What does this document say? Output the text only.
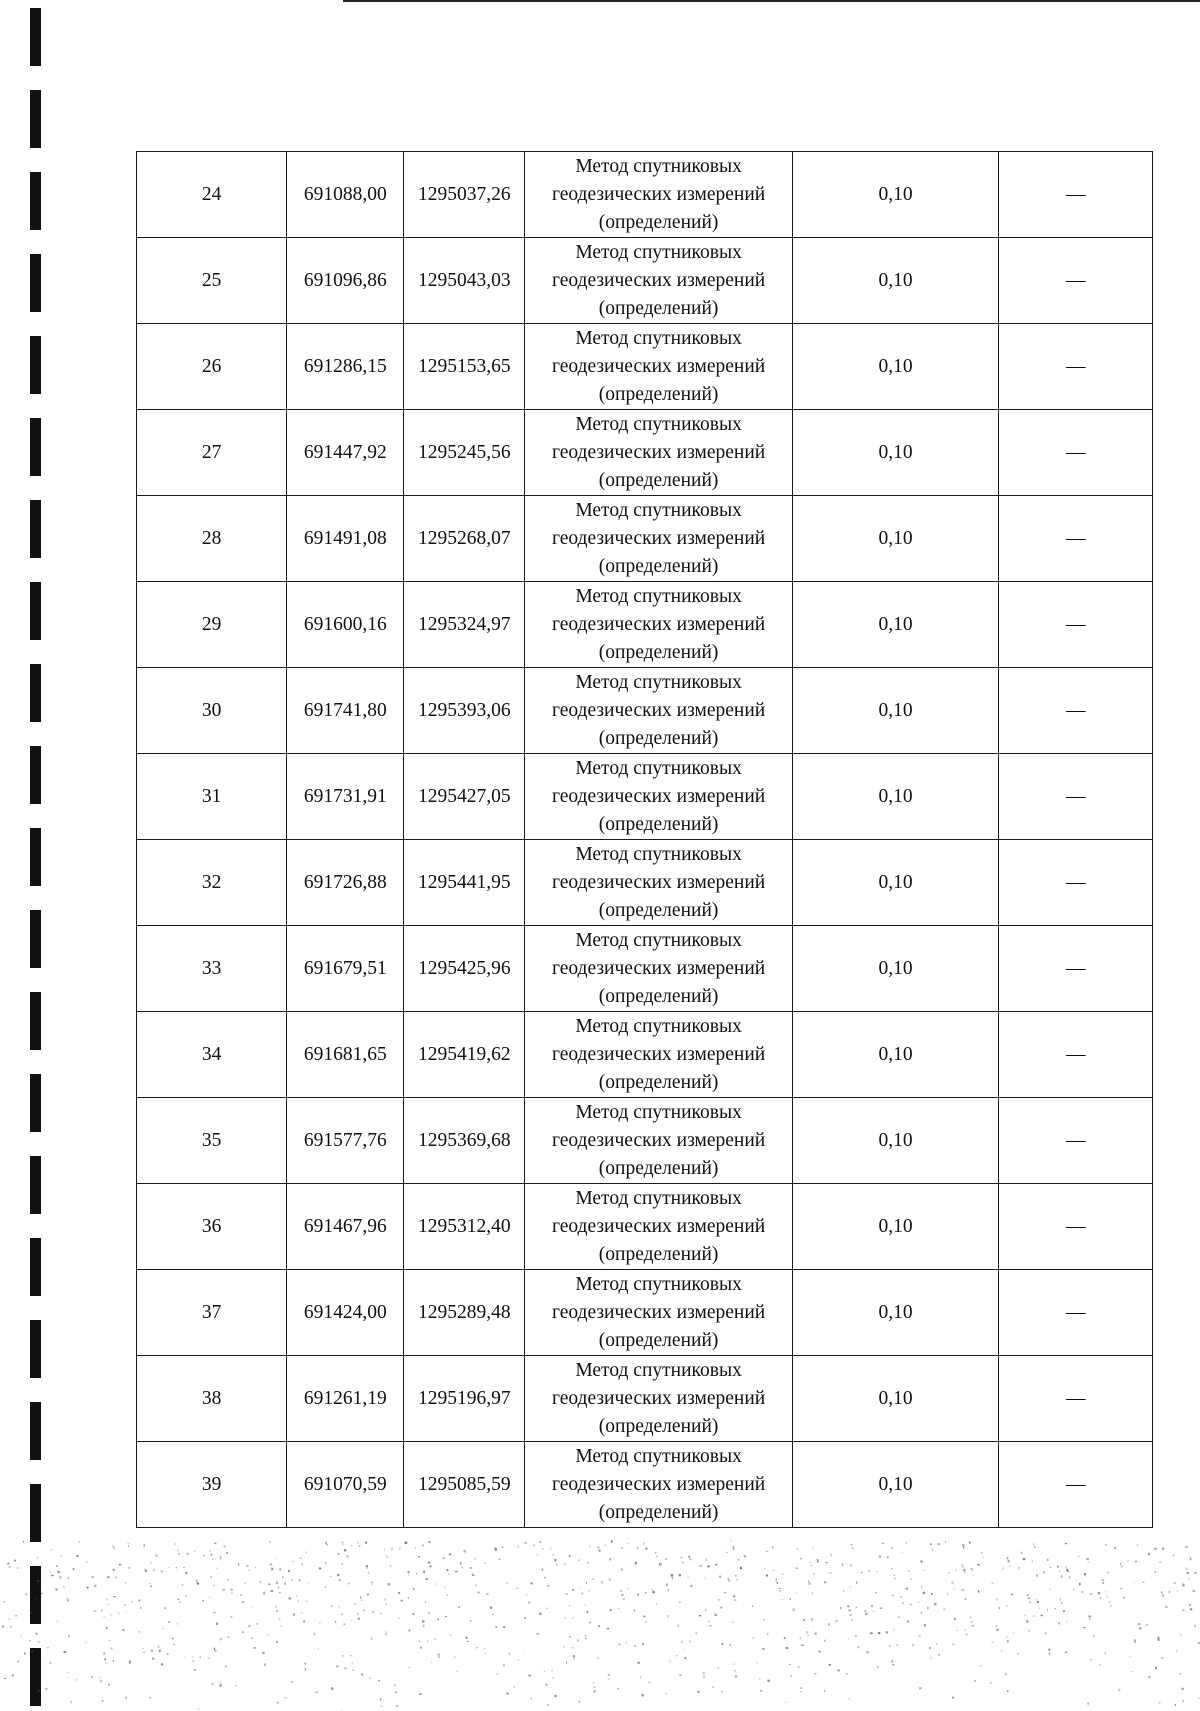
24	691088,00	1295037,26	Метод спутниковых
геодезических измерений
(определений)	0,10	—
25	691096,86	1295043,03	Метод спутниковых
геодезических измерений
(определений)	0,10	—
26	691286,15	1295153,65	Метод спутниковых
геодезических измерений
(определений)	0,10	—
27	691447,92	1295245,56	Метод спутниковых
геодезических измерений
(определений)	0,10	—
28	691491,08	1295268,07	Метод спутниковых
геодезических измерений
(определений)	0,10	—
29	691600,16	1295324,97	Метод спутниковых
геодезических измерений
(определений)	0,10	—
30	691741,80	1295393,06	Метод спутниковых
геодезических измерений
(определений)	0,10	—
31	691731,91	1295427,05	Метод спутниковых
геодезических измерений
(определений)	0,10	—
32	691726,88	1295441,95	Метод спутниковых
геодезических измерений
(определений)	0,10	—
33	691679,51	1295425,96	Метод спутниковых
геодезических измерений
(определений)	0,10	—
34	691681,65	1295419,62	Метод спутниковых
геодезических измерений
(определений)	0,10	—
35	691577,76	1295369,68	Метод спутниковых
геодезических измерений
(определений)	0,10	—
36	691467,96	1295312,40	Метод спутниковых
геодезических измерений
(определений)	0,10	—
37	691424,00	1295289,48	Метод спутниковых
геодезических измерений
(определений)	0,10	—
38	691261,19	1295196,97	Метод спутниковых
геодезических измерений
(определений)	0,10	—
39	691070,59	1295085,59	Метод спутниковых
геодезических измерений
(определений)	0,10	—
